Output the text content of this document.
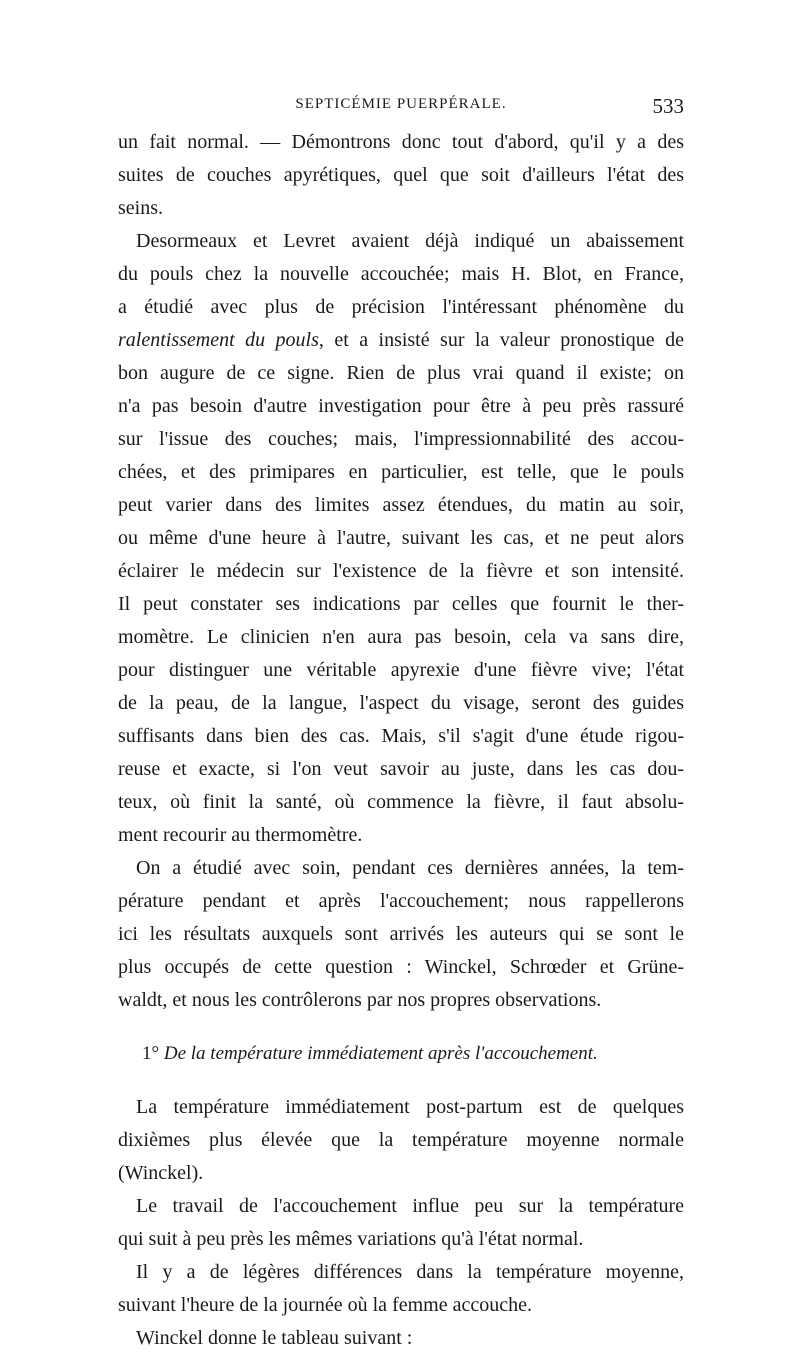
SEPTICÉMIE PUERPÉRALE.	533
un fait normal. — Démontrons donc tout d'abord, qu'il y a des
suites de couches apyrétiques, quel que soit d'ailleurs l'état des
seins.
Desormeaux et Levret avaient déjà indiqué un abaissement
du pouls chez la nouvelle accouchée; mais H. Blot, en France,
a étudié avec plus de précision l'intéressant phénomène du
ralentissement du pouls, et a insisté sur la valeur pronostique de
bon augure de ce signe. Rien de plus vrai quand il existe; on
n'a pas besoin d'autre investigation pour être à peu près rassuré
sur l'issue des couches; mais, l'impressionnabilité des accou-
chées, et des primipares en particulier, est telle, que le pouls
peut varier dans des limites assez étendues, du matin au soir,
ou même d'une heure à l'autre, suivant les cas, et ne peut alors
éclairer le médecin sur l'existence de la fièvre et son intensité.
Il peut constater ses indications par celles que fournit le ther-
momètre. Le clinicien n'en aura pas besoin, cela va sans dire,
pour distinguer une véritable apyrexie d'une fièvre vive; l'état
de la peau, de la langue, l'aspect du visage, seront des guides
suffisants dans bien des cas. Mais, s'il s'agit d'une étude rigou-
reuse et exacte, si l'on veut savoir au juste, dans les cas dou-
teux, où finit la santé, où commence la fièvre, il faut absolu-
ment recourir au thermomètre.
On a étudié avec soin, pendant ces dernières années, la tem-
pérature pendant et après l'accouchement; nous rappellerons
ici les résultats auxquels sont arrivés les auteurs qui se sont le
plus occupés de cette question : Winckel, Schrœder et Grüne-
waldt, et nous les contrôlerons par nos propres observations.
1° De la température immédiatement après l'accouchement.
La température immédiatement post-partum est de quelques
dixièmes plus élevée que la température moyenne normale
(Winckel).
Le travail de l'accouchement influe peu sur la température
qui suit à peu près les mêmes variations qu'à l'état normal.
Il y a de légères différences dans la température moyenne,
suivant l'heure de la journée où la femme accouche.
Winckel donne le tableau suivant :
